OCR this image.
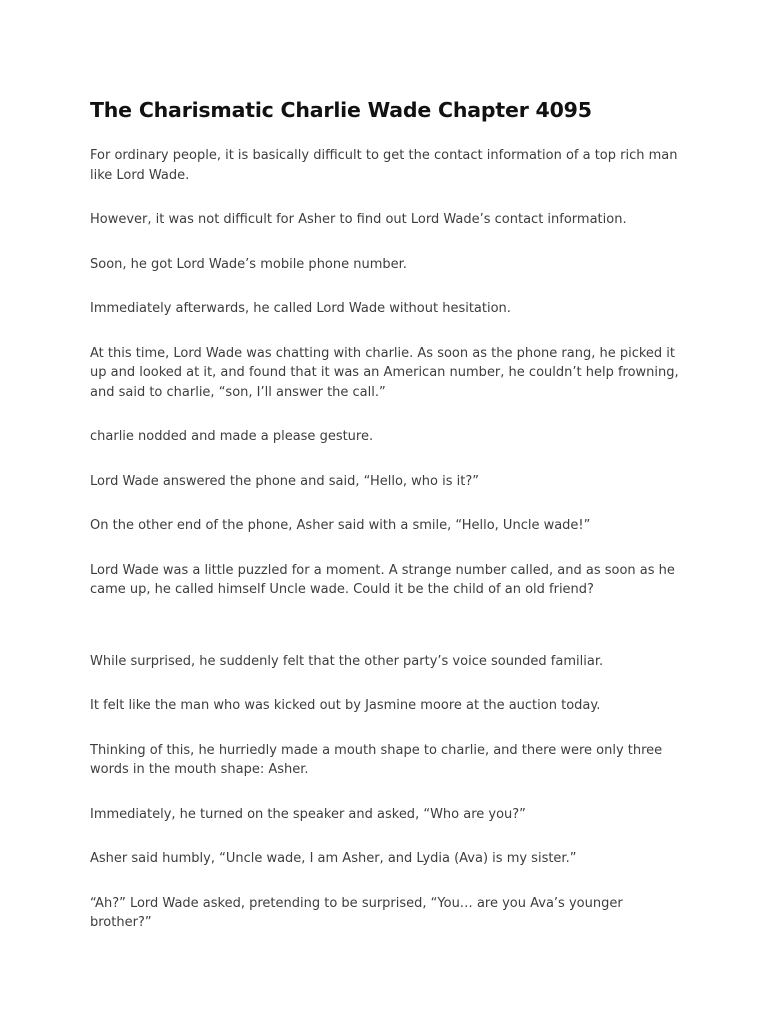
The Charismatic Charlie Wade Chapter 4095

For ordinary people, it is basically difficult to get the contact information of a top rich man like Lord Wade.

However, it was not difficult for Asher to find out Lord Wade’s contact information.

Soon, he got Lord Wade’s mobile phone number.

Immediately afterwards, he called Lord Wade without hesitation.

At this time, Lord Wade was chatting with charlie. As soon as the phone rang, he picked it up and looked at it, and found that it was an American number, he couldn’t help frowning, and said to charlie, “son, I’ll answer the call.”

charlie nodded and made a please gesture.

Lord Wade answered the phone and said, “Hello, who is it?”

On the other end of the phone, Asher said with a smile, “Hello, Uncle wade!”

Lord Wade was a little puzzled for a moment. A strange number called, and as soon as he came up, he called himself Uncle wade. Could it be the child of an old friend?

While surprised, he suddenly felt that the other party’s voice sounded familiar.

It felt like the man who was kicked out by Jasmine moore at the auction today.

Thinking of this, he hurriedly made a mouth shape to charlie, and there were only three words in the mouth shape: Asher.

Immediately, he turned on the speaker and asked, “Who are you?”

Asher said humbly, “Uncle wade, I am Asher, and Lydia (Ava) is my sister.”

“Ah?” Lord Wade asked, pretending to be surprised, “You… are you Ava’s younger brother?”
